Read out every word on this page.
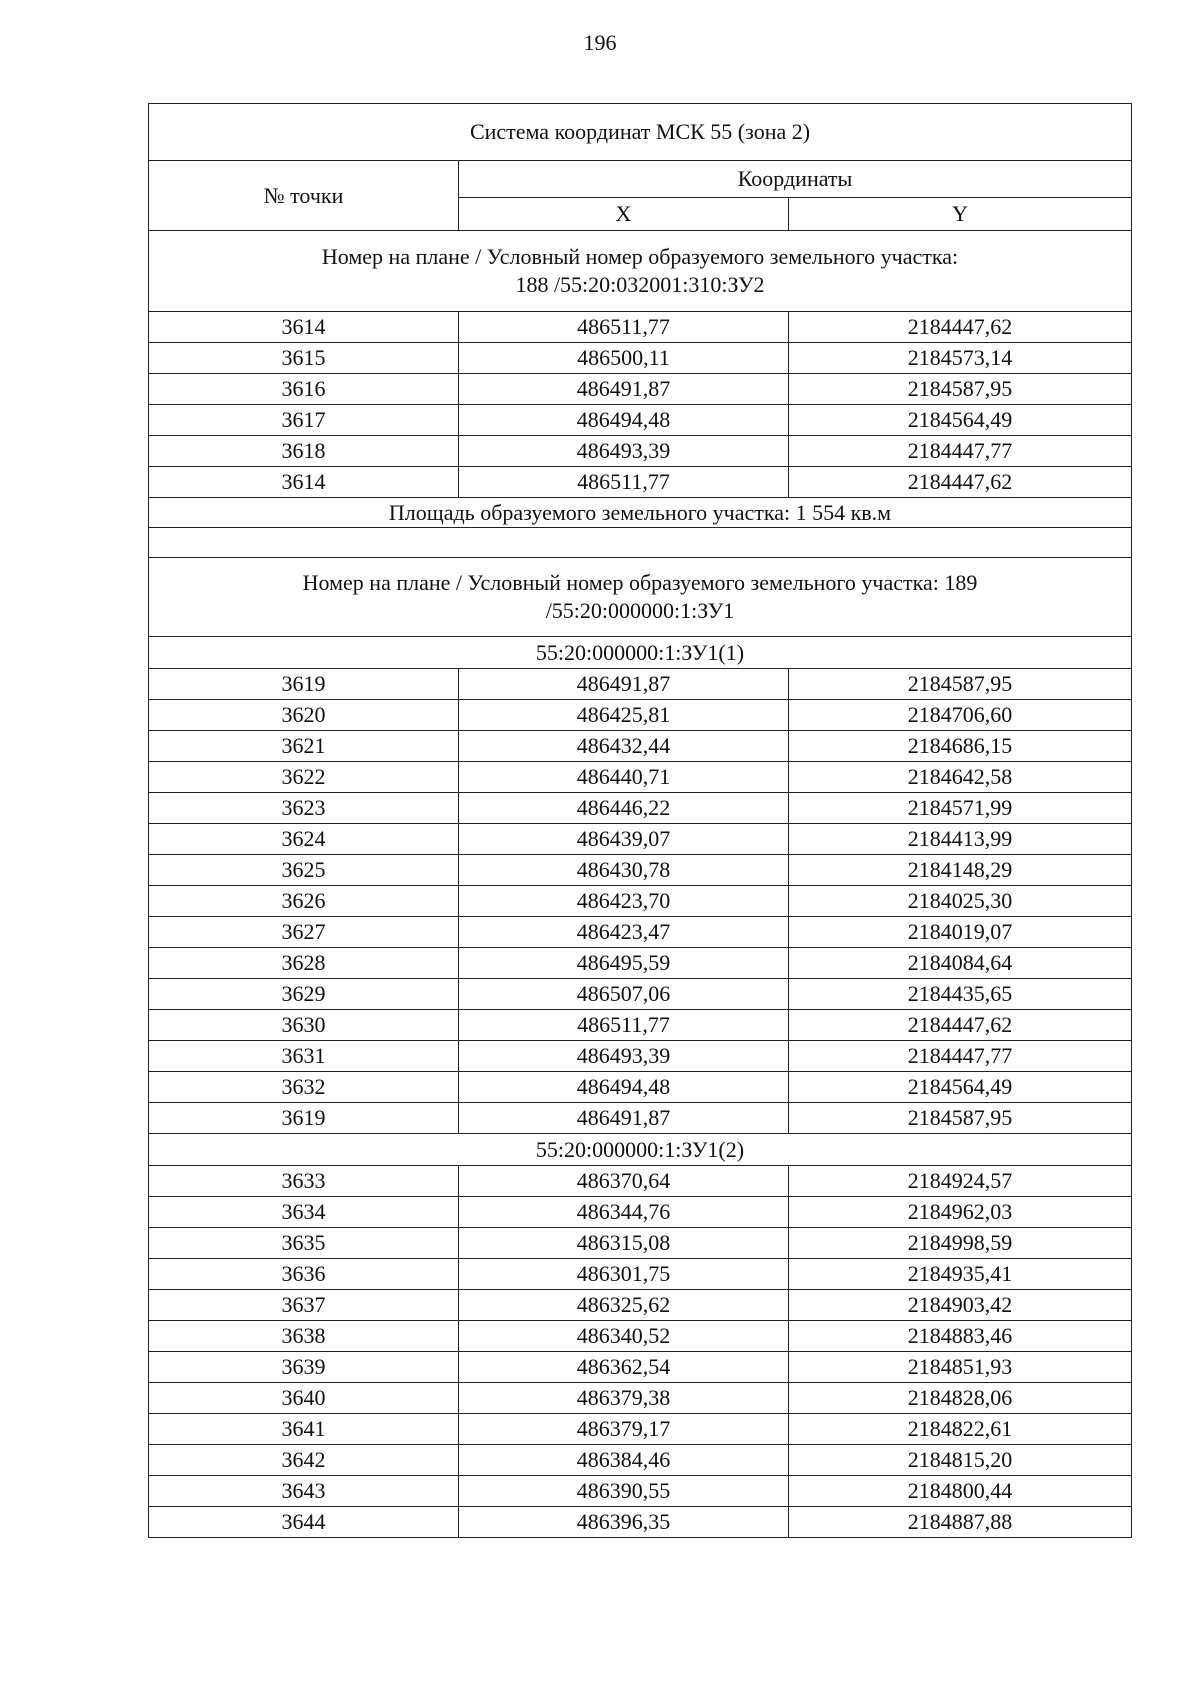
196
Система координат МСК 55 (зона 2)		
№ точки	Координаты	
	X	Y
Номер на плане / Условный номер образуемого земельного участка:
188 /55:20:032001:310:ЗУ2		
3614	486511,77	2184447,62
3615	486500,11	2184573,14
3616	486491,87	2184587,95
3617	486494,48	2184564,49
3618	486493,39	2184447,77
3614	486511,77	2184447,62
Площадь образуемого земельного участка: 1 554 кв.м		

Номер на плане / Условный номер образуемого земельного участка: 189
/55:20:000000:1:ЗУ1		
55:20:000000:1:ЗУ1(1)		
3619	486491,87	2184587,95
3620	486425,81	2184706,60
3621	486432,44	2184686,15
3622	486440,71	2184642,58
3623	486446,22	2184571,99
3624	486439,07	2184413,99
3625	486430,78	2184148,29
3626	486423,70	2184025,30
3627	486423,47	2184019,07
3628	486495,59	2184084,64
3629	486507,06	2184435,65
3630	486511,77	2184447,62
3631	486493,39	2184447,77
3632	486494,48	2184564,49
3619	486491,87	2184587,95
55:20:000000:1:ЗУ1(2)		
3633	486370,64	2184924,57
3634	486344,76	2184962,03
3635	486315,08	2184998,59
3636	486301,75	2184935,41
3637	486325,62	2184903,42
3638	486340,52	2184883,46
3639	486362,54	2184851,93
3640	486379,38	2184828,06
3641	486379,17	2184822,61
3642	486384,46	2184815,20
3643	486390,55	2184800,44
3644	486396,35	2184887,88
